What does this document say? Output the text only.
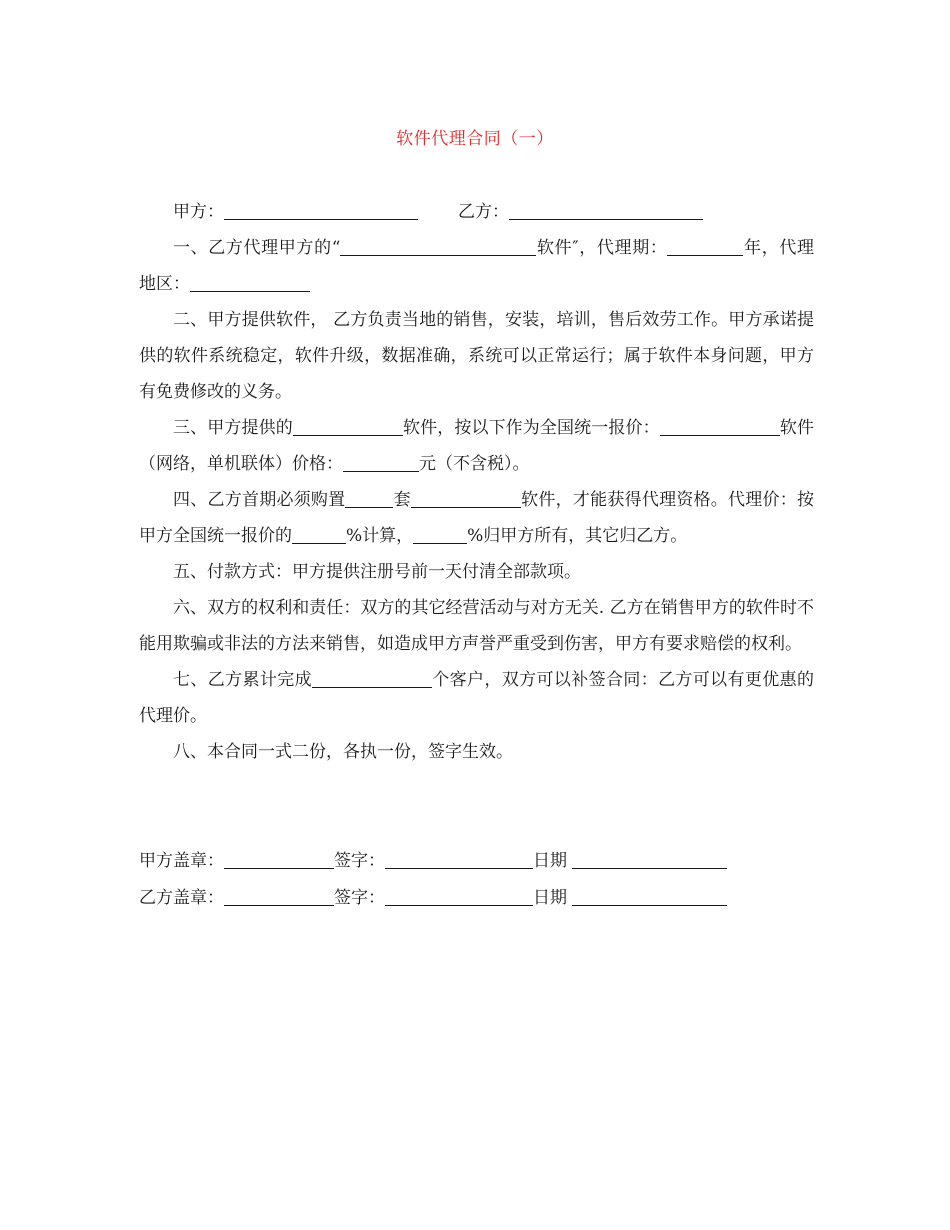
软件代理合同（一）

甲方：	乙方：

一、乙方代理甲方的“	软件″，代理期：	年，代理地区：

二、甲方提供软件， 乙方负责当地的销售，安装，培训，售后效劳工作。甲方承诺提供的软件系统稳定，软件升级，数据准确，系统可以正常运行；属于软件本身问题，甲方有免费修改的义务。

三、甲方提供的	软件，按以下作为全国统一报价：	软件（网络，单机联体）价格：	元（不含税）。

四、乙方首期必须购置	套	软件，才能获得代理资格。代理价：按甲方全国统一报价的	%计算，	%归甲方所有，其它归乙方。

五、付款方式：甲方提供注册号前一天付清全部款项。

六、双方的权利和责任：双方的其它经营活动与对方无关. 乙方在销售甲方的软件时不能用欺骗或非法的方法来销售，如造成甲方声誉严重受到伤害，甲方有要求赔偿的权利。

七、乙方累计完成	个客户，双方可以补签合同：乙方可以有更优惠的代理价。

八、本合同一式二份，各执一份，签字生效。

甲方盖章：	签字：	日期
乙方盖章：	签字：	日期
